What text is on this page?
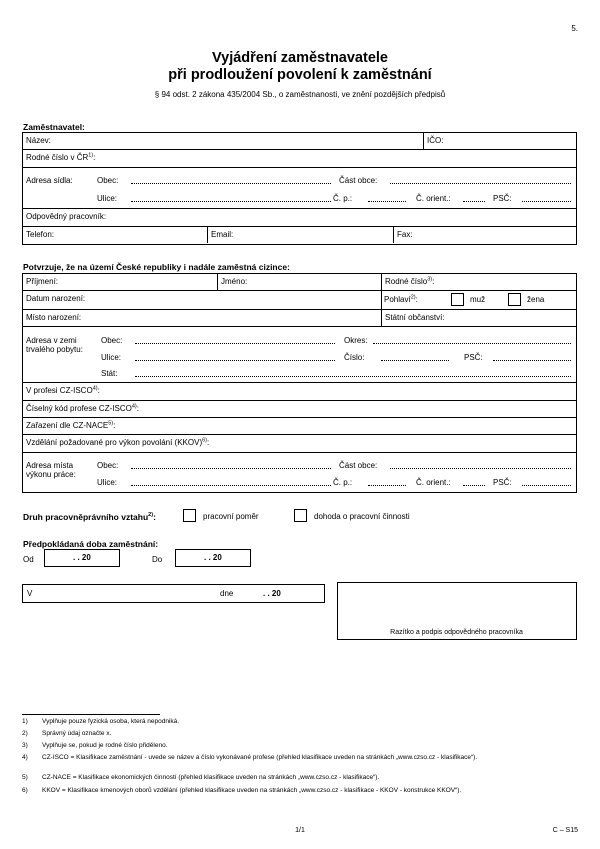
5.
Vyjádření zaměstnavatele
při prodloužení povolení k zaměstnání
§ 94 odst. 2 zákona 435/2004 Sb., o zaměstnanosti, ve znění pozdějších předpisů
Zaměstnavatel:
Název:	IČO:
Rodné číslo v ČR$^{1)}$:
Adresa sídla:	Obec:	Část obce:
Ulice:	Č. p.:	Č. orient.:	PSČ:
Odpovědný pracovník:
Telefon:	Email:	Fax:
Potvrzuje, že na území České republiky i nadále zaměstná cizince:
Příjmení:	Jméno:	Rodné číslo$^{3)}$:
Datum narození:	Pohlaví$^{2)}$:	muž	žena
Místo narození:	Státní občanství:
Adresa v zemi
trvalého pobytu:
Obec:	Okres:
Ulice:	Číslo:	PSČ:
Stát:
V profesi CZ-ISCO$^{4)}$:
Číselný kód profese CZ-ISCO$^{4)}$:
Zařazení dle CZ-NACE$^{5)}$:
Vzdělání požadované pro výkon povolání (KKOV)$^{6)}$:
Adresa místa
výkonu práce:
Obec:	Část obce:
Ulice:	Č. p.:	Č. orient.:	PSČ:
Druh pracovněprávního vztahu$^{2)}$:	pracovní poměr	dohoda o pracovní činnosti
Předpokládaná doba zaměstnání:
Od	. . 20	Do	. . 20
V	dne	. . 20
Razítko a podpis odpovědného pracovníka
1) Vyplňuje pouze fyzická osoba, která nepodniká.
2) Správný údaj označte x.
3) Vyplňuje se, pokud je rodné číslo přiděleno.
4) CZ-ISCO = Klasifikace zaměstnání - uvede se název a číslo vykonávané profese (přehled klasifikace uveden na stránkách „www.czso.cz - klasifikace“).
5) CZ-NACE = Klasifikace ekonomických činností (přehled klasifikace uveden na stránkách „www.czso.cz - klasifikace“).
6) KKOV = Klasifikace kmenových oborů vzdělání (přehled klasifikace uveden na stránkách „www.czso.cz - klasifikace - KKOV - konstrukce KKOV“).
1/1	C – S15
